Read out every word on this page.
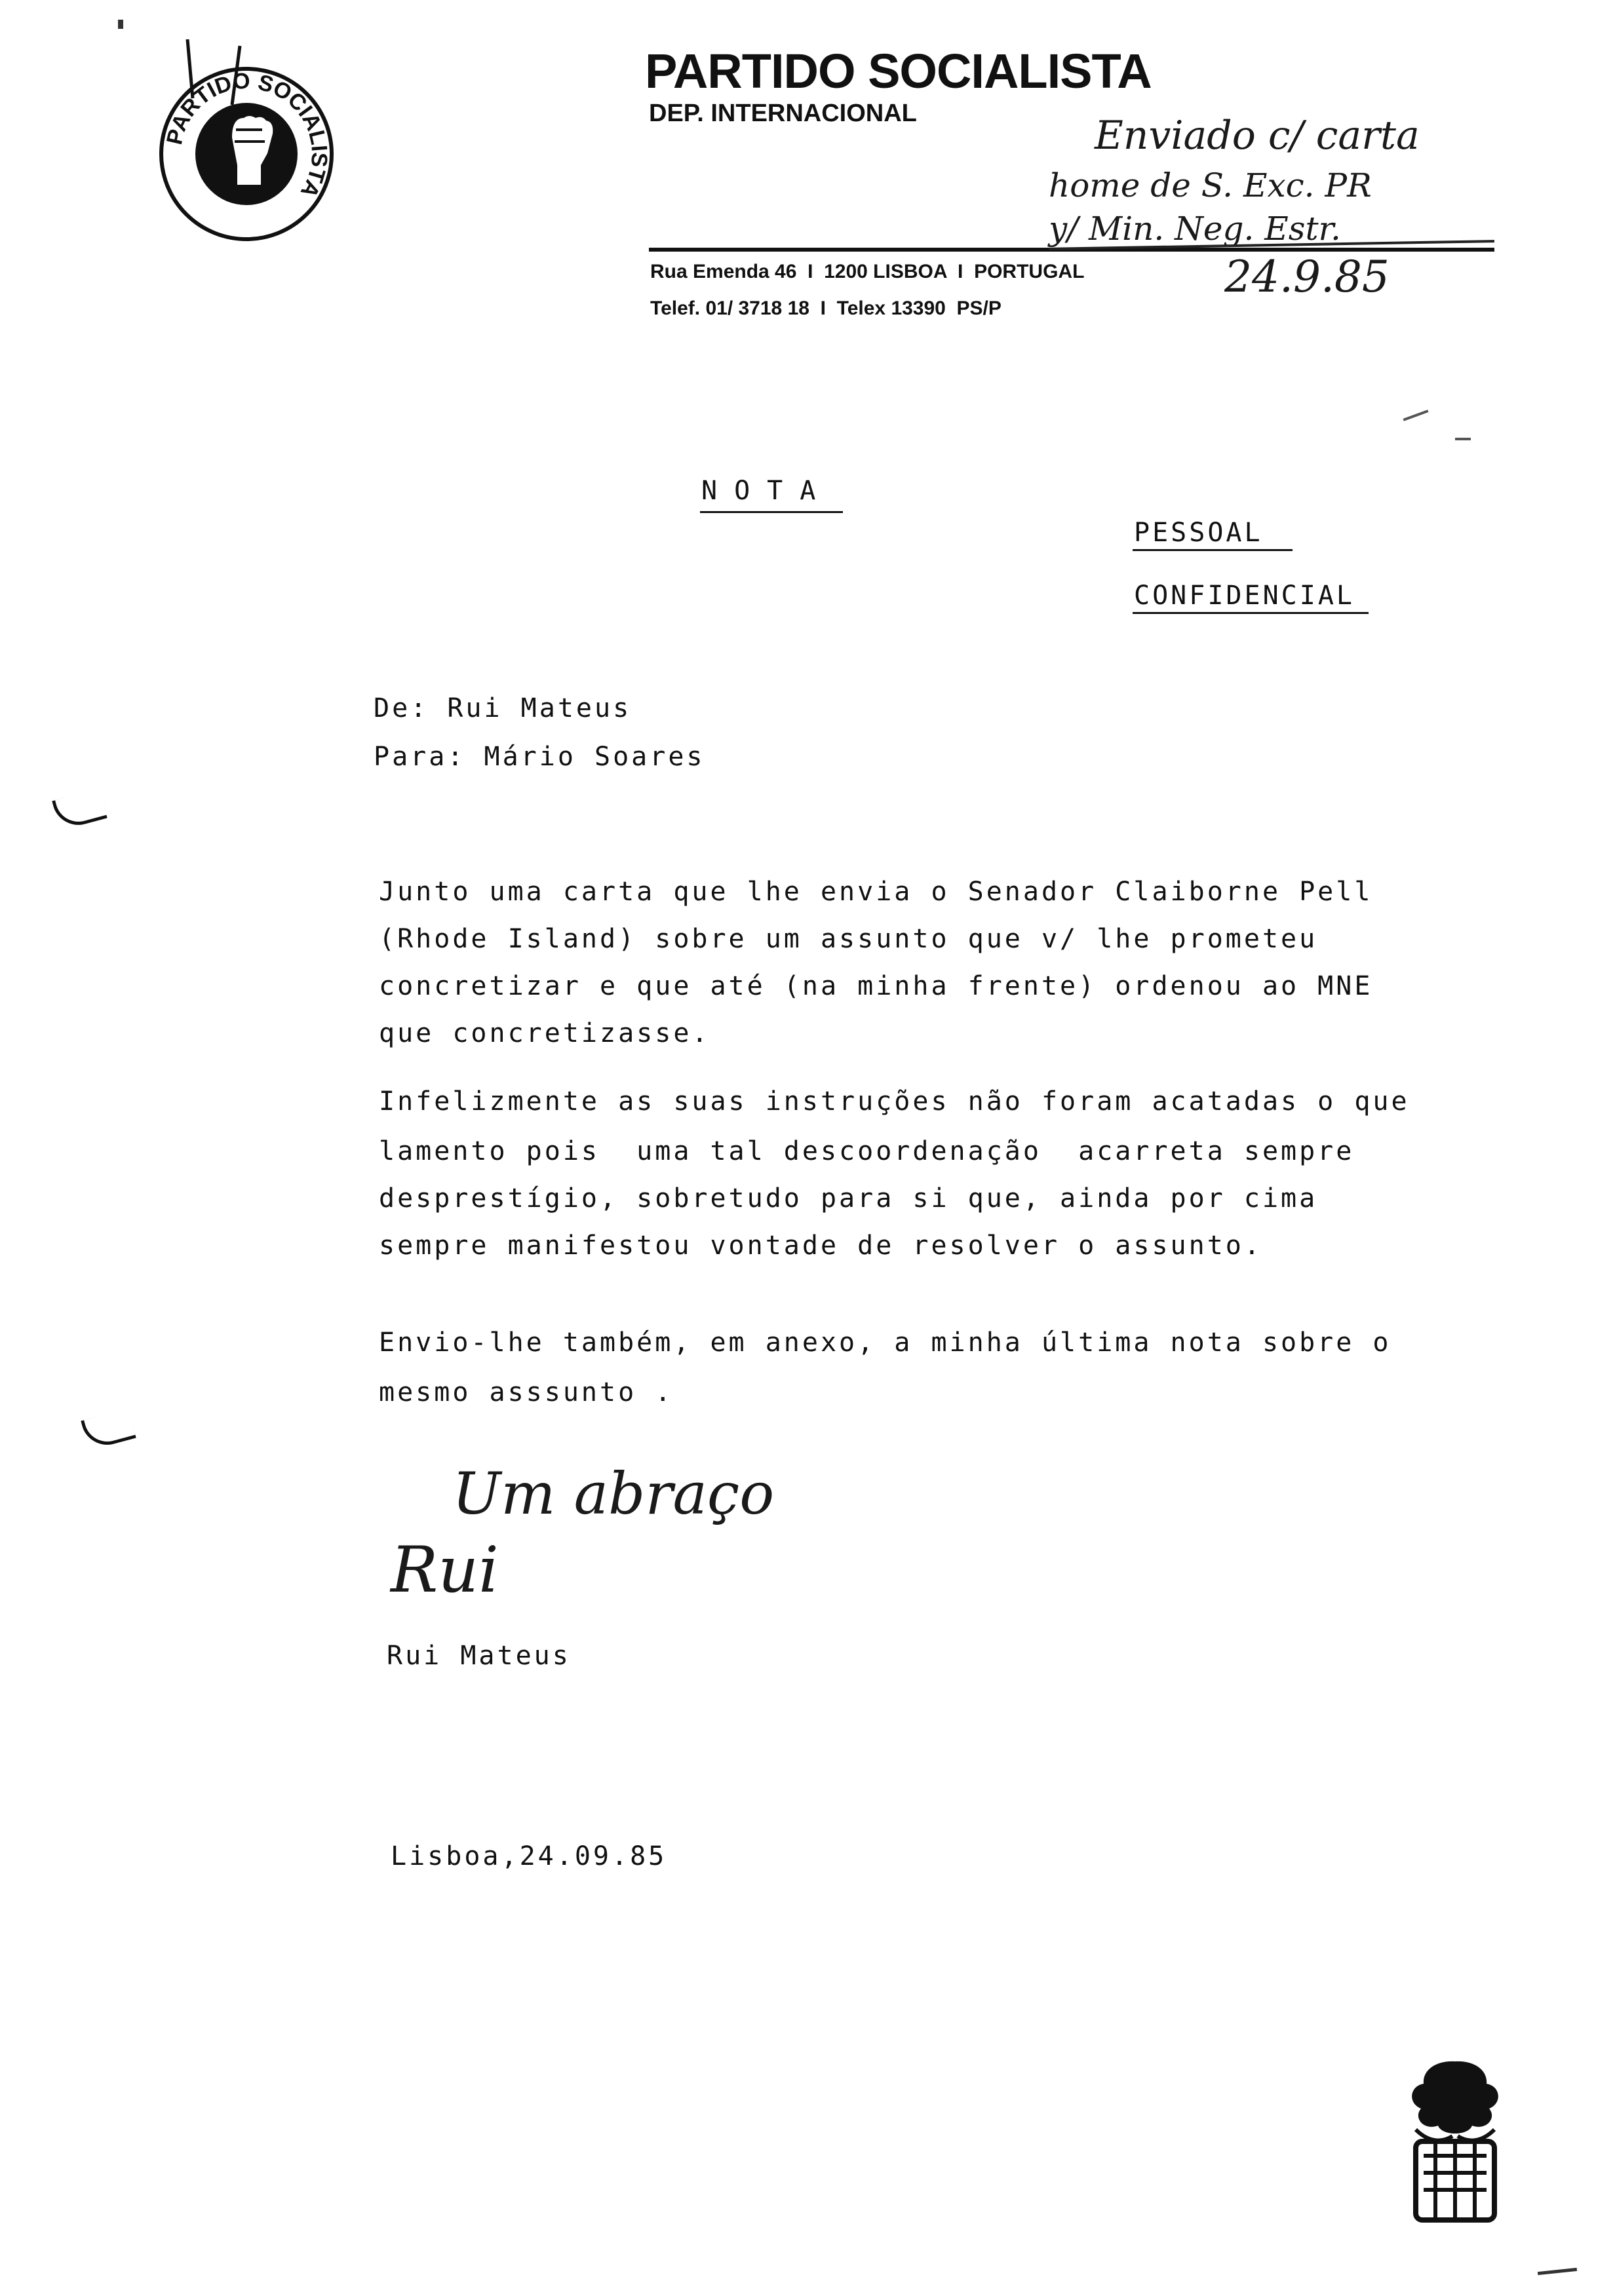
PARTIDO SOCIALISTA
PARTIDO SOCIALISTA
DEP. INTERNACIONAL
Rua Emenda 46  I  1200 LISBOA  I  PORTUGAL
Telef. 01/ 3718 18  I  Telex 13390  PS/P
Enviado c/ carta
home de S. Exc. PR
y/ Min. Neg. Estr.
24.9.85
NOTA
PESSOAL
CONFIDENCIAL
De: Rui Mateus
Para: Mário Soares
Junto uma carta que lhe envia o Senador Claiborne Pell
(Rhode Island) sobre um assunto que v/ lhe prometeu
concretizar e que até (na minha frente) ordenou ao MNE
que concretizasse.
Infelizmente as suas instruções não foram acatadas o que
lamento pois  uma tal descoordenação  acarreta sempre
desprestígio, sobretudo para si que, ainda por cima
sempre manifestou vontade de resolver o assunto.
Envio-lhe também, em anexo, a minha última nota sobre o
mesmo asssunto .
Um abraço
Rui
Rui Mateus
Lisboa,24.09.85
